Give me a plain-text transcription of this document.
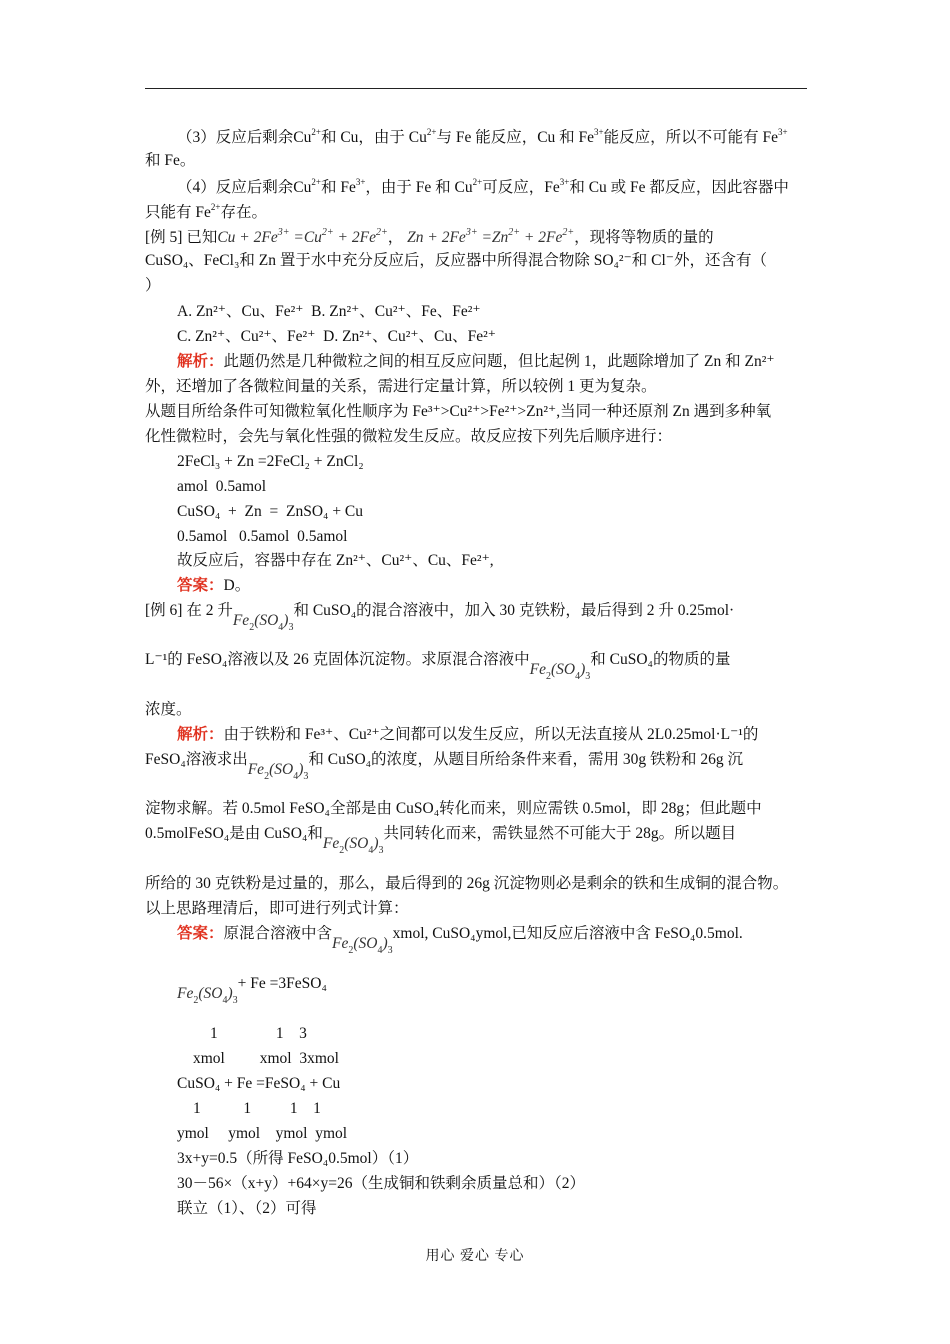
（3）反应后剩余$Cu^{2+}$和 Cu，由于 $Cu^{2+}$与 Fe 能反应，Cu 和 $Fe^{3+}$能反应，所以不可能有 $Fe^{3+}$
和 Fe。
（4）反应后剩余$Cu^{2+}$和 $Fe^{3+}$，由于 Fe 和 $Cu^{2+}$可反应，$Fe^{3+}$和 Cu 或 Fe 都反应，因此容器中
只能有 $Fe^{2+}$存在。
[例 5] 已知$Cu + 2Fe^{3+} =Cu^{2+} + 2Fe^{2+}$， $Zn + 2Fe^{3+} =Zn^{2+} + 2Fe^{2+}$，现将等物质的量的
CuSO₄、FeCl₃和 Zn 置于水中充分反应后，反应器中所得混合物除 SO₄²⁻和 Cl⁻外，还含有（
）
A. Zn²⁺、Cu、Fe²⁺  B. Zn²⁺、Cu²⁺、Fe、Fe²⁺
C. Zn²⁺、Cu²⁺、Fe²⁺  D. Zn²⁺、Cu²⁺、Cu、Fe²⁺
解析：此题仍然是几种微粒之间的相互反应问题，但比起例 1，此题除增加了 Zn 和 Zn²⁺
外，还增加了各微粒间量的关系，需进行定量计算，所以较例 1 更为复杂。
从题目所给条件可知微粒氧化性顺序为 Fe³⁺>Cu²⁺>Fe²⁺>Zn²⁺,当同一种还原剂 Zn 遇到多种氧
化性微粒时，会先与氧化性强的微粒发生反应。故反应按下列先后顺序进行：
2FeCl₃ + Zn =2FeCl₂ + ZnCl₂
amol  0.5amol
CuSO₄  +  Zn  =  ZnSO₄ + Cu
0.5amol   0.5amol  0.5amol
故反应后，容器中存在 Zn²⁺、Cu²⁺、Cu、Fe²⁺,
答案：D。
[例 6] 在 2 升$Fe_2(SO_4)_3$和 CuSO₄的混合溶液中，加入 30 克铁粉，最后得到 2 升 0.25mol·
L⁻¹的 FeSO₄溶液以及 26 克固体沉淀物。求原混合溶液中$Fe_2(SO_4)_3$和 CuSO₄的物质的量
浓度。
解析：由于铁粉和 Fe³⁺、Cu²⁺之间都可以发生反应，所以无法直接从 2L0.25mol·L⁻¹的
FeSO₄溶液求出$Fe_2(SO_4)_3$和 CuSO₄的浓度，从题目所给条件来看，需用 30g 铁粉和 26g 沉
淀物求解。若 0.5mol FeSO₄全部是由 CuSO₄转化而来，则应需铁 0.5mol，即 28g；但此题中
0.5molFeSO₄是由 CuSO₄和$Fe_2(SO_4)_3$共同转化而来，需铁显然不可能大于 28g。所以题目
所给的 30 克铁粉是过量的，那么，最后得到的 26g 沉淀物则必是剩余的铁和生成铜的混合物。
以上思路理清后，即可进行列式计算：
答案：原混合溶液中含$Fe_2(SO_4)_3xmol$, CuSO₄ymol,已知反应后溶液中含 FeSO₄0.5mol.
$Fe_2(SO_4)_3+ Fe$ =3FeSO₄
1               1    3
xmol         xmol  3xmol
CuSO₄ + Fe =FeSO₄ + Cu
1           1          1    1
ymol     ymol    ymol  ymol
3x+y=0.5（所得 FeSO₄0.5mol）（1）
30－56×（x+y）+64×y=26（生成铜和铁剩余质量总和）（2）
联立（1）、（2）可得
用心 爱心 专心
